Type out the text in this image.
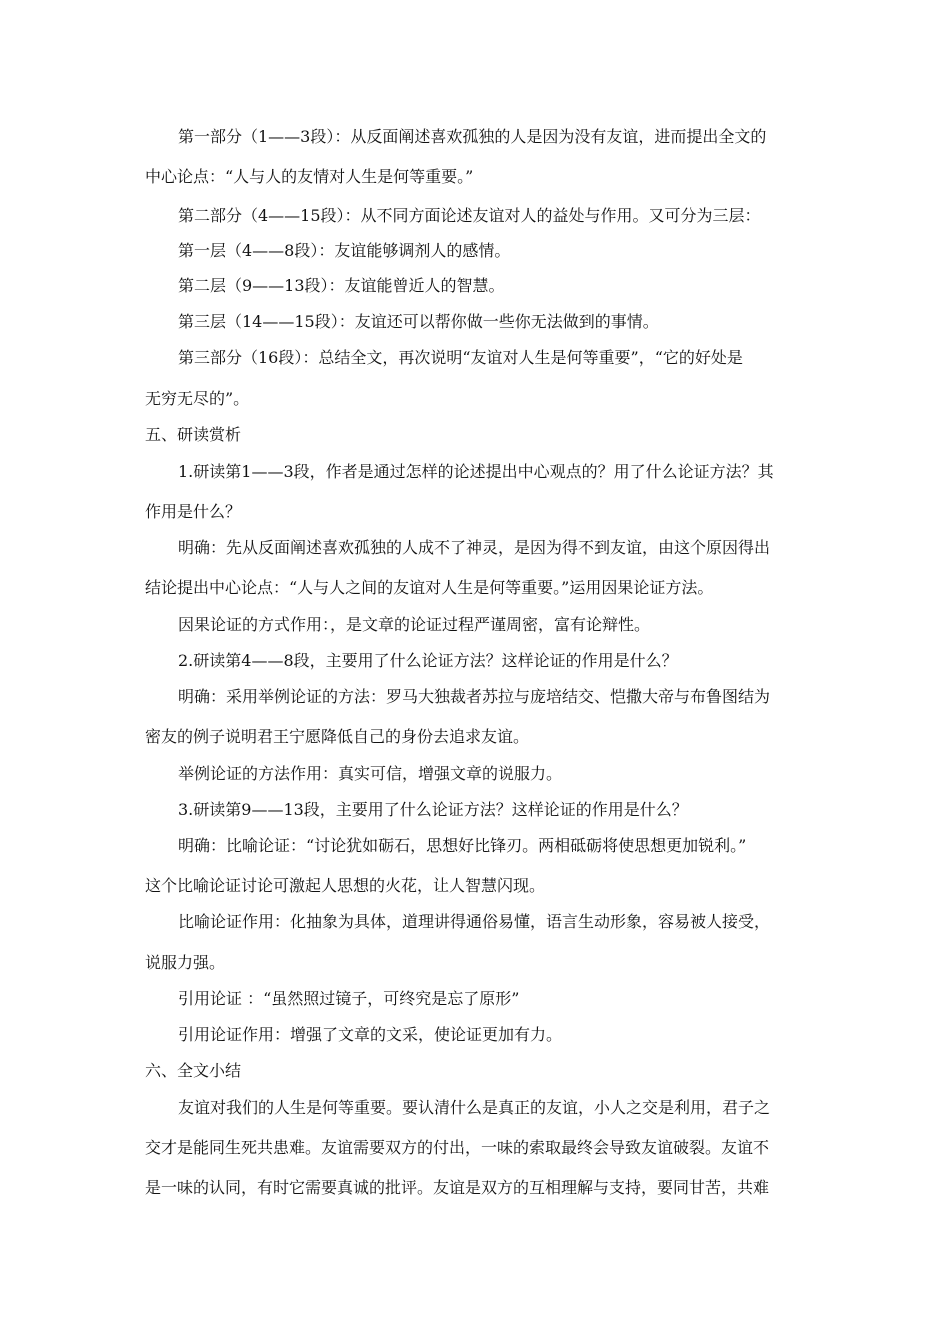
第一部分（1——3段）：从反面阐述喜欢孤独的人是因为没有友谊，进而提出全文的
中心论点：“人与人的友情对人生是何等重要。”
第二部分（4——15段）：从不同方面论述友谊对人的益处与作用。又可分为三层：
第一层（4——8段）：友谊能够调剂人的感情。
第二层（9——13段）：友谊能曾近人的智慧。
第三层（14——15段）：友谊还可以帮你做一些你无法做到的事情。
第三部分（16段）：总结全文，再次说明“友谊对人生是何等重要”，“它的好处是
无穷无尽的”。
五、研读赏析
1.研读第1——3段，作者是通过怎样的论述提出中心观点的？用了什么论证方法？其
作用是什么？
明确：先从反面阐述喜欢孤独的人成不了神灵，是因为得不到友谊，由这个原因得出
结论提出中心论点：“人与人之间的友谊对人生是何等重要。”运用因果论证方法。
因果论证的方式作用：，是文章的论证过程严谨周密，富有论辩性。
2.研读第4——8段，主要用了什么论证方法？这样论证的作用是什么？
明确：采用举例论证的方法：罗马大独裁者苏拉与庞培结交、恺撒大帝与布鲁图结为
密友的例子说明君王宁愿降低自己的身份去追求友谊。
举例论证的方法作用：真实可信，增强文章的说服力。
3.研读第9——13段，主要用了什么论证方法？这样论证的作用是什么？
明确：比喻论证：“讨论犹如砺石，思想好比锋刃。两相砥砺将使思想更加锐利。”
这个比喻论证讨论可激起人思想的火花，让人智慧闪现。
比喻论证作用：化抽象为具体，道理讲得通俗易懂，语言生动形象，容易被人接受，
说服力强。
引用论证 ：“虽然照过镜子，可终究是忘了原形”
引用论证作用：增强了文章的文采，使论证更加有力。
六、全文小结
友谊对我们的人生是何等重要。要认清什么是真正的友谊，小人之交是利用，君子之
交才是能同生死共患难。友谊需要双方的付出，一味的索取最终会导致友谊破裂。友谊不
是一味的认同，有时它需要真诚的批评。友谊是双方的互相理解与支持，要同甘苦，共难
